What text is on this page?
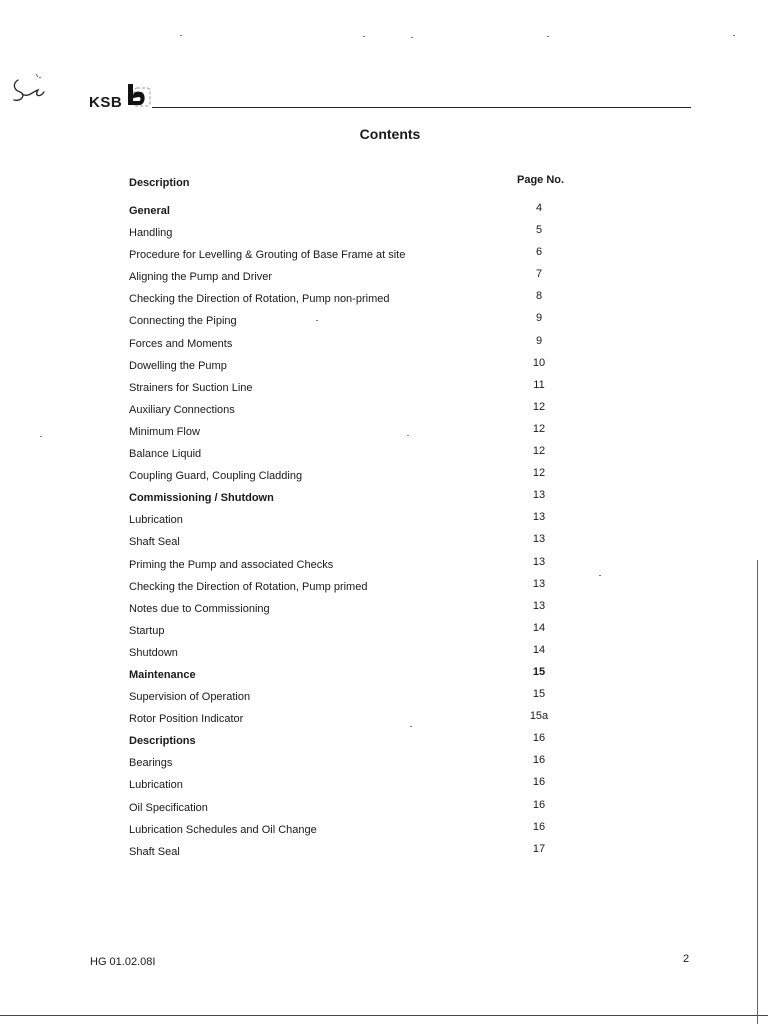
KSB
Contents
Description	Page No.
General	4
Handling	5
Procedure for Levelling & Grouting of Base Frame at site	6
Aligning the Pump and Driver	7
Checking the Direction of Rotation, Pump non-primed	8
Connecting the Piping	9
Forces and Moments	9
Dowelling the Pump	10
Strainers for Suction Line	11
Auxiliary Connections	12
Minimum Flow	12
Balance Liquid	12
Coupling Guard, Coupling Cladding	12
Commissioning / Shutdown	13
Lubrication	13
Shaft Seal	13
Priming the Pump and associated Checks	13
Checking the Direction of Rotation, Pump primed	13
Notes due to Commissioning	13
Startup	14
Shutdown	14
Maintenance	15
Supervision of Operation	15
Rotor Position Indicator	15a
Descriptions	16
Bearings	16
Lubrication	16
Oil Specification	16
Lubrication Schedules and Oil Change	16
Shaft Seal	17
HG 01.02.08I	2
